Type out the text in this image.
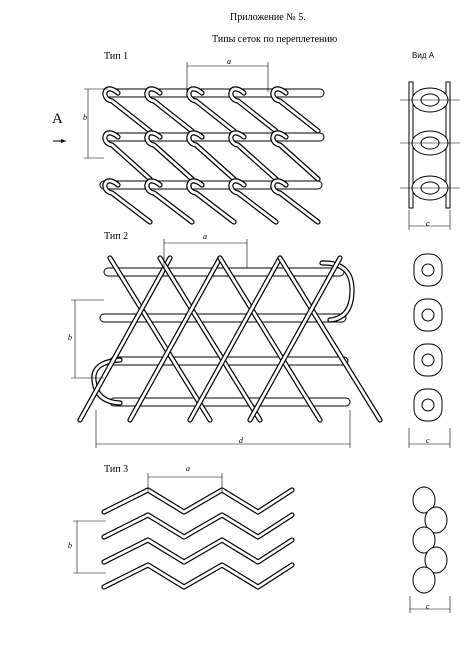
Приложение № 5.
Типы сеток по переплетению
Тип 1
Тип 2
Тип 3
Вид А
А
a
b
c
a
b
d	c
a
b
c
